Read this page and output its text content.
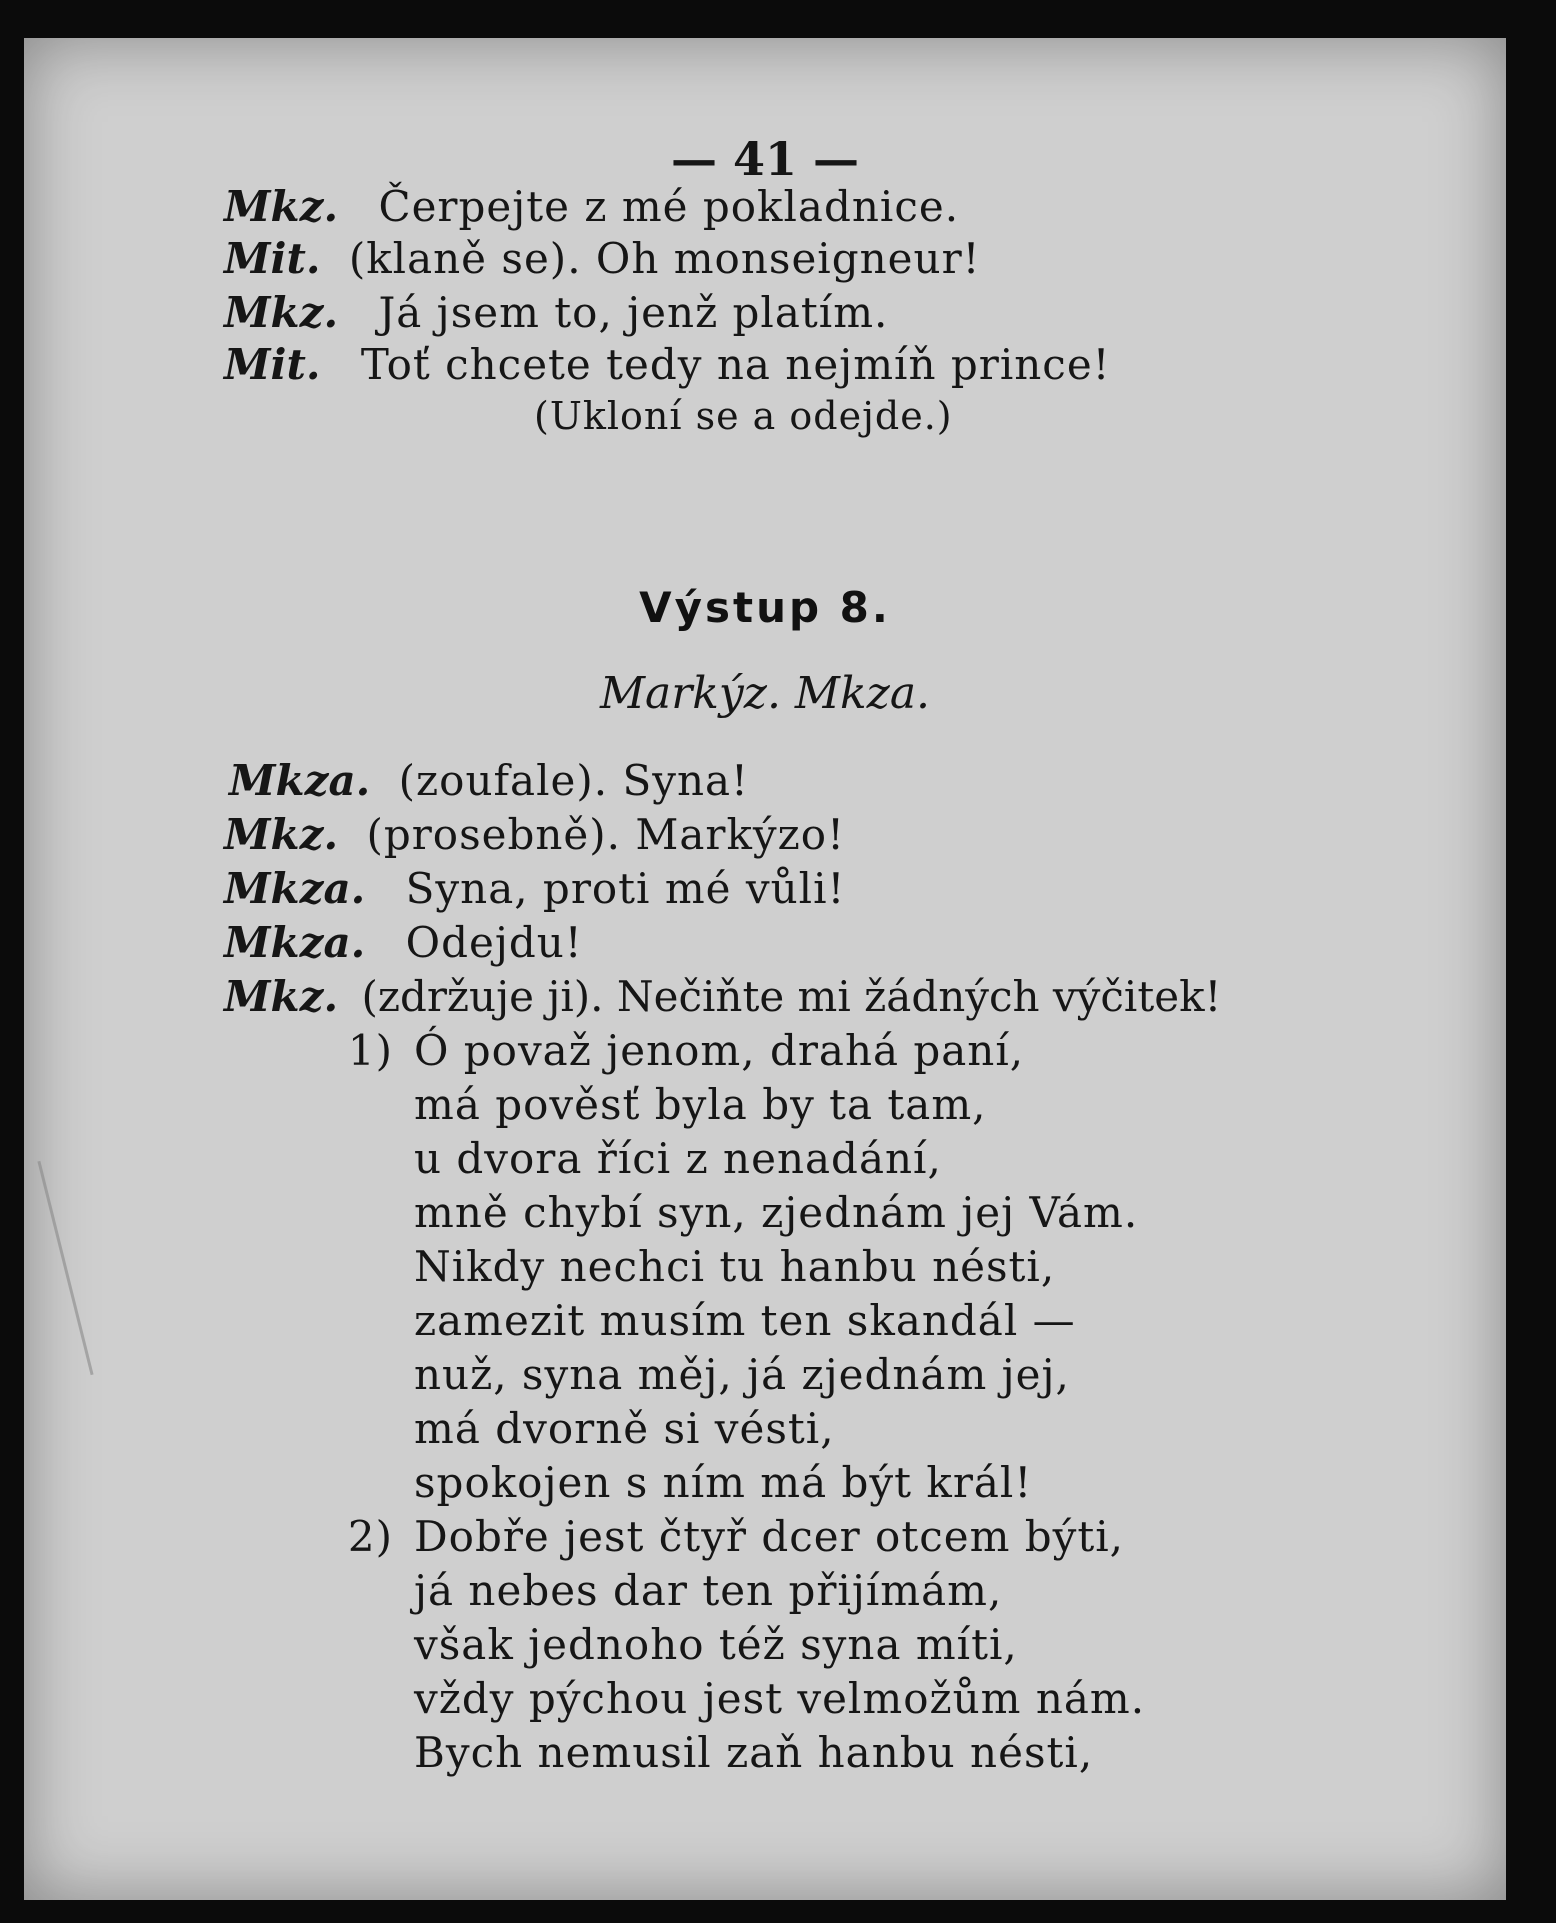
— 41 —
Mkz. Čerpejte z mé pokladnice.
Mit. (klaně se). Oh monseigneur!
Mkz. Já jsem to, jenž platím.
Mit. Toť chcete tedy na nejmíň prince!
(Ukloní se a odejde.)
Výstup 8.
Markýz. Mkza.
Mkza. (zoufale). Syna!
Mkz. (prosebně). Markýzo!
Mkza. Syna, proti mé vůli!
Mkza. Odejdu!
Mkz. (zdržuje ji). Nečiňte mi žádných výčitek!
1) Ó považ jenom, drahá paní,
má pověsť byla by ta tam,
u dvora říci z nenadání,
mně chybí syn, zjednám jej Vám.
Nikdy nechci tu hanbu nésti,
zamezit musím ten skandál —
nuž, syna měj, já zjednám jej,
má dvorně si vésti,
spokojen s ním má být král!
2) Dobře jest čtyř dcer otcem býti,
já nebes dar ten přijímám,
však jednoho též syna míti,
vždy pýchou jest velmožům nám.
Bych nemusil zaň hanbu nésti,
